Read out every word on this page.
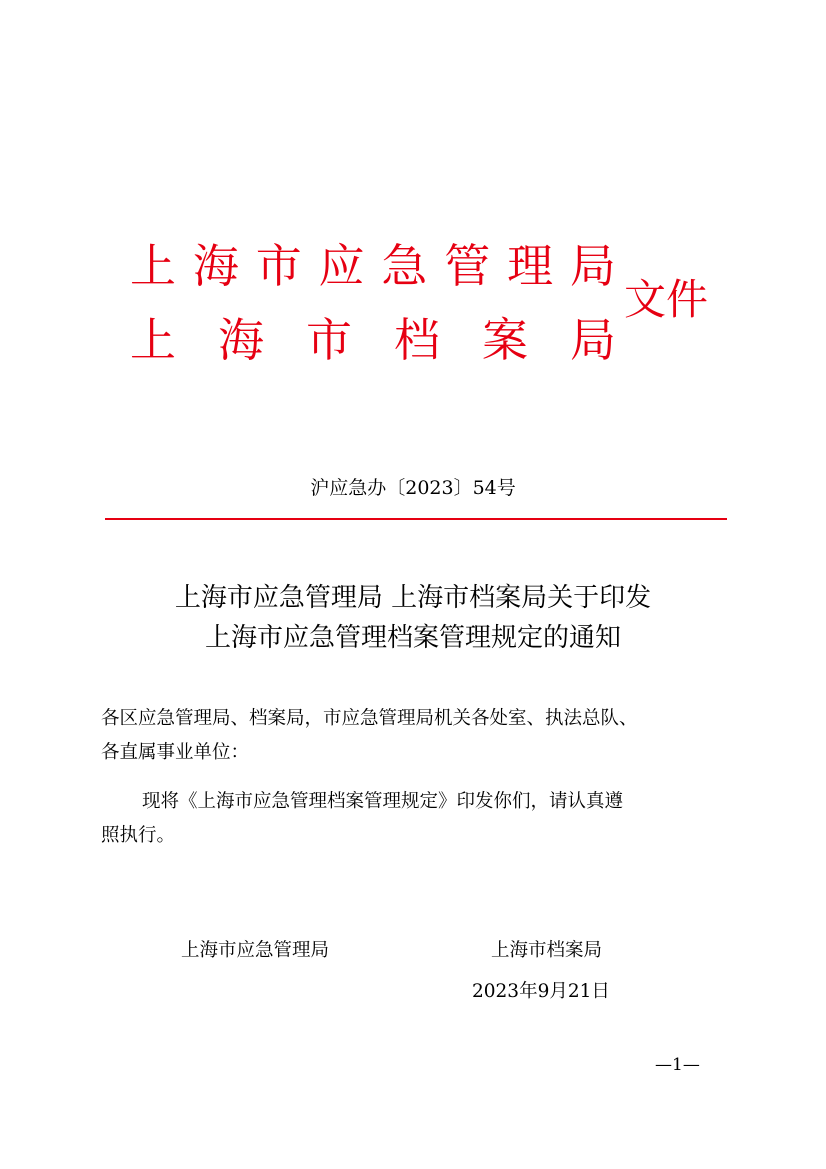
上 海 市 应 急 管 理 局
上 海 市 档 案 局
文件
沪应急办〔2023〕54号
上海市应急管理局 上海市档案局关于印发
上海市应急管理档案管理规定的通知
各区应急管理局、档案局，市应急管理局机关各处室、执法总队、
各直属事业单位：
现将《上海市应急管理档案管理规定》印发你们，请认真遵
照执行。
上海市应急管理局	上海市档案局
2023年9月21日
—1—
